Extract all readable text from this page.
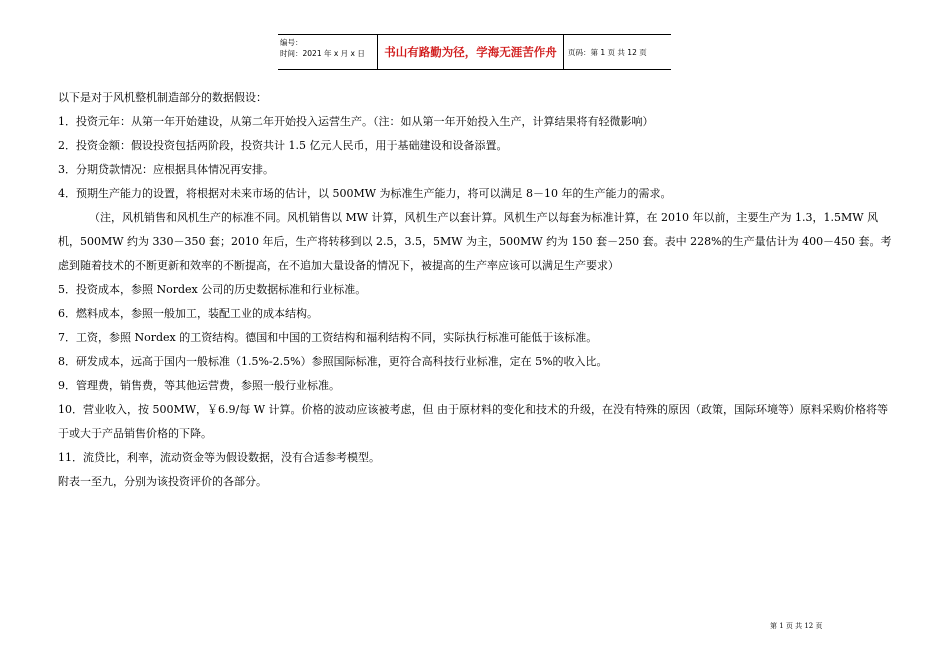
编号：
时间：2021 年 x 月 x 日	书山有路勤为径，学海无涯苦作舟	页码：第 1 页 共 12 页

以下是对于风机整机制造部分的数据假设：

1．投资元年：从第一年开始建设，从第二年开始投入运营生产。（注：如从第一年开始投入生产，计算结果将有轻微影响）

2．投资金额：假设投资包括两阶段，投资共计 1.5 亿元人民币，用于基础建设和设备添置。

3．分期贷款情况：应根据具体情况再安排。

4．预期生产能力的设置，将根据对未来市场的估计，以 500MW 为标准生产能力，将可以满足 8－10 年的生产能力的需求。

（注，风机销售和风机生产的标准不同。风机销售以 MW 计算，风机生产以套计算。风机生产以每套为标准计算，在 2010 年以前，主要生产为 1.3，1.5MW 风机，500MW 约为 330－350 套；2010 年后，生产将转移到以 2.5，3.5，5MW 为主，500MW 约为 150 套－250 套。表中 228%的生产量估计为 400－450 套。考虑到随着技术的不断更新和效率的不断提高，在不追加大量设备的情况下，被提高的生产率应该可以满足生产要求）

5．投资成本，参照 Nordex 公司的历史数据标准和行业标准。

6．燃料成本，参照一般加工，装配工业的成本结构。

7．工资，参照 Nordex 的工资结构。德国和中国的工资结构和福利结构不同，实际执行标准可能低于该标准。

8．研发成本，远高于国内一般标准（1.5%-2.5%）参照国际标准，更符合高科技行业标准，定在 5%的收入比。

9．管理费，销售费，等其他运营费，参照一般行业标准。

10．营业收入，按 500MW，￥6.9/每 W 计算。价格的波动应该被考虑，但 由于原材料的变化和技术的升级，在没有特殊的原因（政策，国际环境等）原料采购价格将等于或大于产品销售价格的下降。

11．流贷比，利率，流动资金等为假设数据，没有合适参考模型。

附表一至九，分别为该投资评价的各部分。

第 1 页 共 12 页
